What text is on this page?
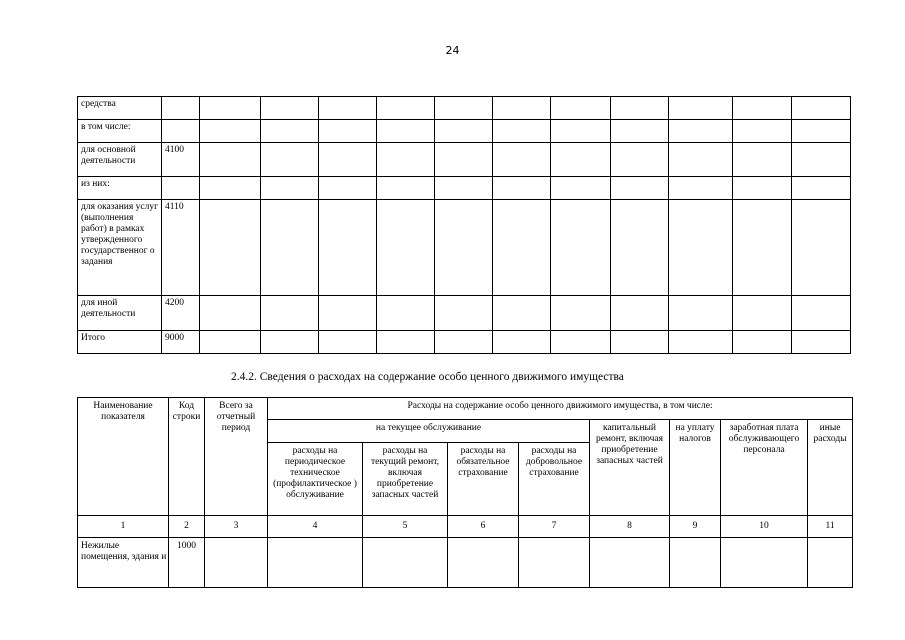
24
средства												
в том числе:												
для основной деятельности	4100											
из них:												
для оказания услуг (выполнения работ) в рамках утвержденного государственног о задания	4110											
для иной деятельности	4200											
Итого	9000											
2.4.2. Сведения о расходах на содержание особо ценного движимого имущества
Наименование показателя	Код строки	Всего за отчетный период	Расходы на содержание особо ценного движимого имущества, в том числе:							
			на текущее обслуживание				капитальный ремонт, включая приобретение запасных частей	на уплату налогов	заработная плата обслуживающего персонала	иные расходы
			расходы на периодическое техническое (профилактическое ) обслуживание	расходы на текущий ремонт, включая приобретение запасных частей	расходы на обязательное страхование	расходы на добровольное страхование				
1	2	3	4	5	6	7	8	9	10	11
Нежилые помещения, здания и	1000									
